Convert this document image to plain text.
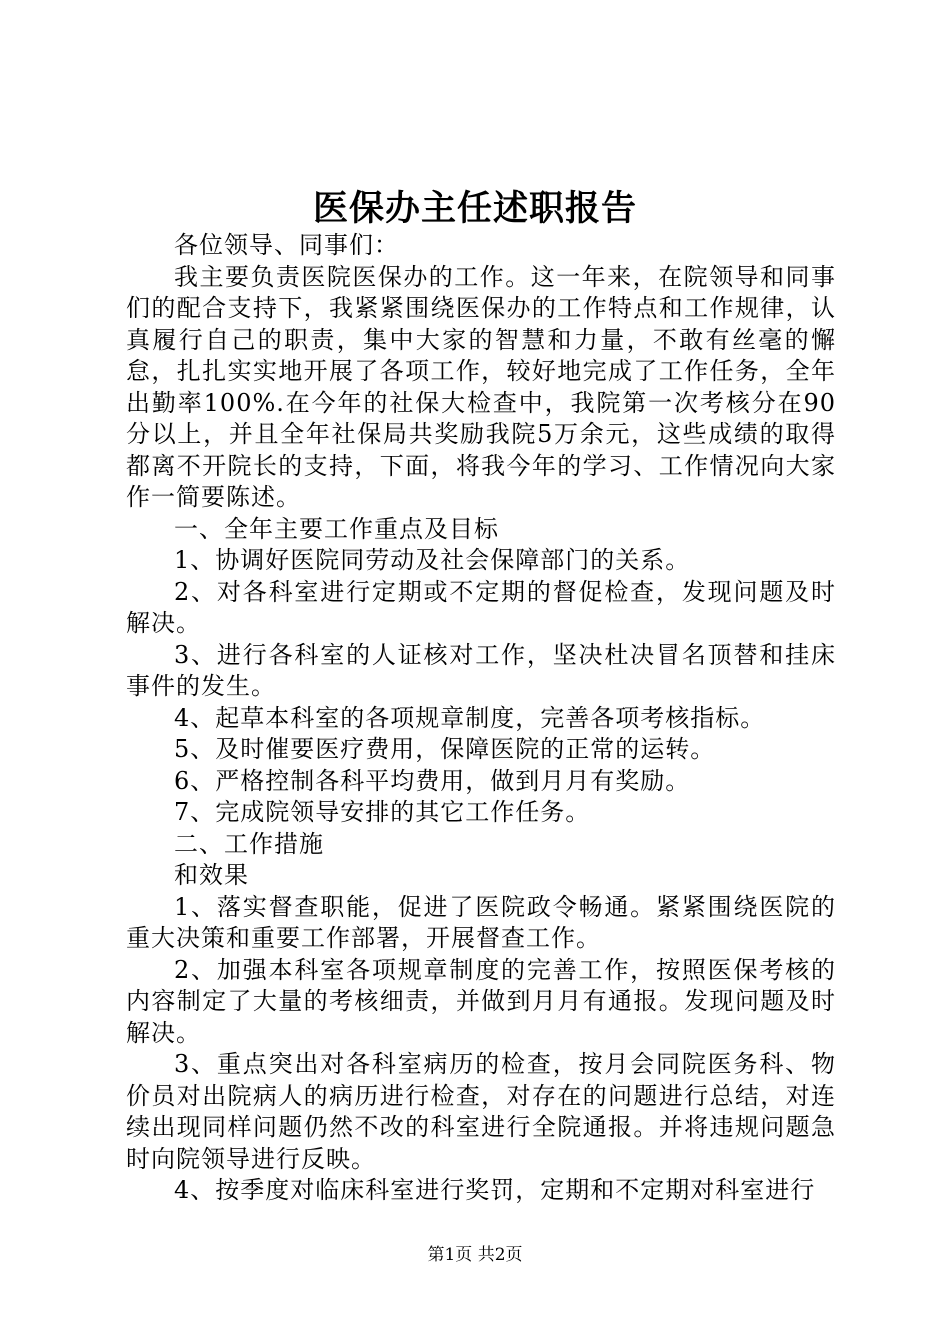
医保办主任述职报告

各位领导、同事们：

我主要负责医院医保办的工作。这一年来，在院领导和同事们的配合支持下，我紧紧围绕医保办的工作特点和工作规律，认真履行自己的职责，集中大家的智慧和力量，不敢有丝毫的懈怠，扎扎实实地开展了各项工作，较好地完成了工作任务，全年出勤率100%.在今年的社保大检查中，我院第一次考核分在90分以上，并且全年社保局共奖励我院5万余元，这些成绩的取得都离不开院长的支持，下面，将我今年的学习、工作情况向大家作一简要陈述。

一、全年主要工作重点及目标

1、协调好医院同劳动及社会保障部门的关系。

2、对各科室进行定期或不定期的督促检查，发现问题及时解决。

3、进行各科室的人证核对工作，坚决杜决冒名顶替和挂床事件的发生。

4、起草本科室的各项规章制度，完善各项考核指标。

5、及时催要医疗费用，保障医院的正常的运转。

6、严格控制各科平均费用，做到月月有奖励。

7、完成院领导安排的其它工作任务。

二、工作措施

和效果

1、落实督查职能，促进了医院政令畅通。紧紧围绕医院的重大决策和重要工作部署，开展督查工作。

2、加强本科室各项规章制度的完善工作，按照医保考核的内容制定了大量的考核细责，并做到月月有通报。发现问题及时解决。

3、重点突出对各科室病历的检查，按月会同院医务科、物价员对出院病人的病历进行检查，对存在的问题进行总结，对连续出现同样问题仍然不改的科室进行全院通报。并将违规问题急时向院领导进行反映。

4、按季度对临床科室进行奖罚，定期和不定期对科室进行

第1页 共2页
